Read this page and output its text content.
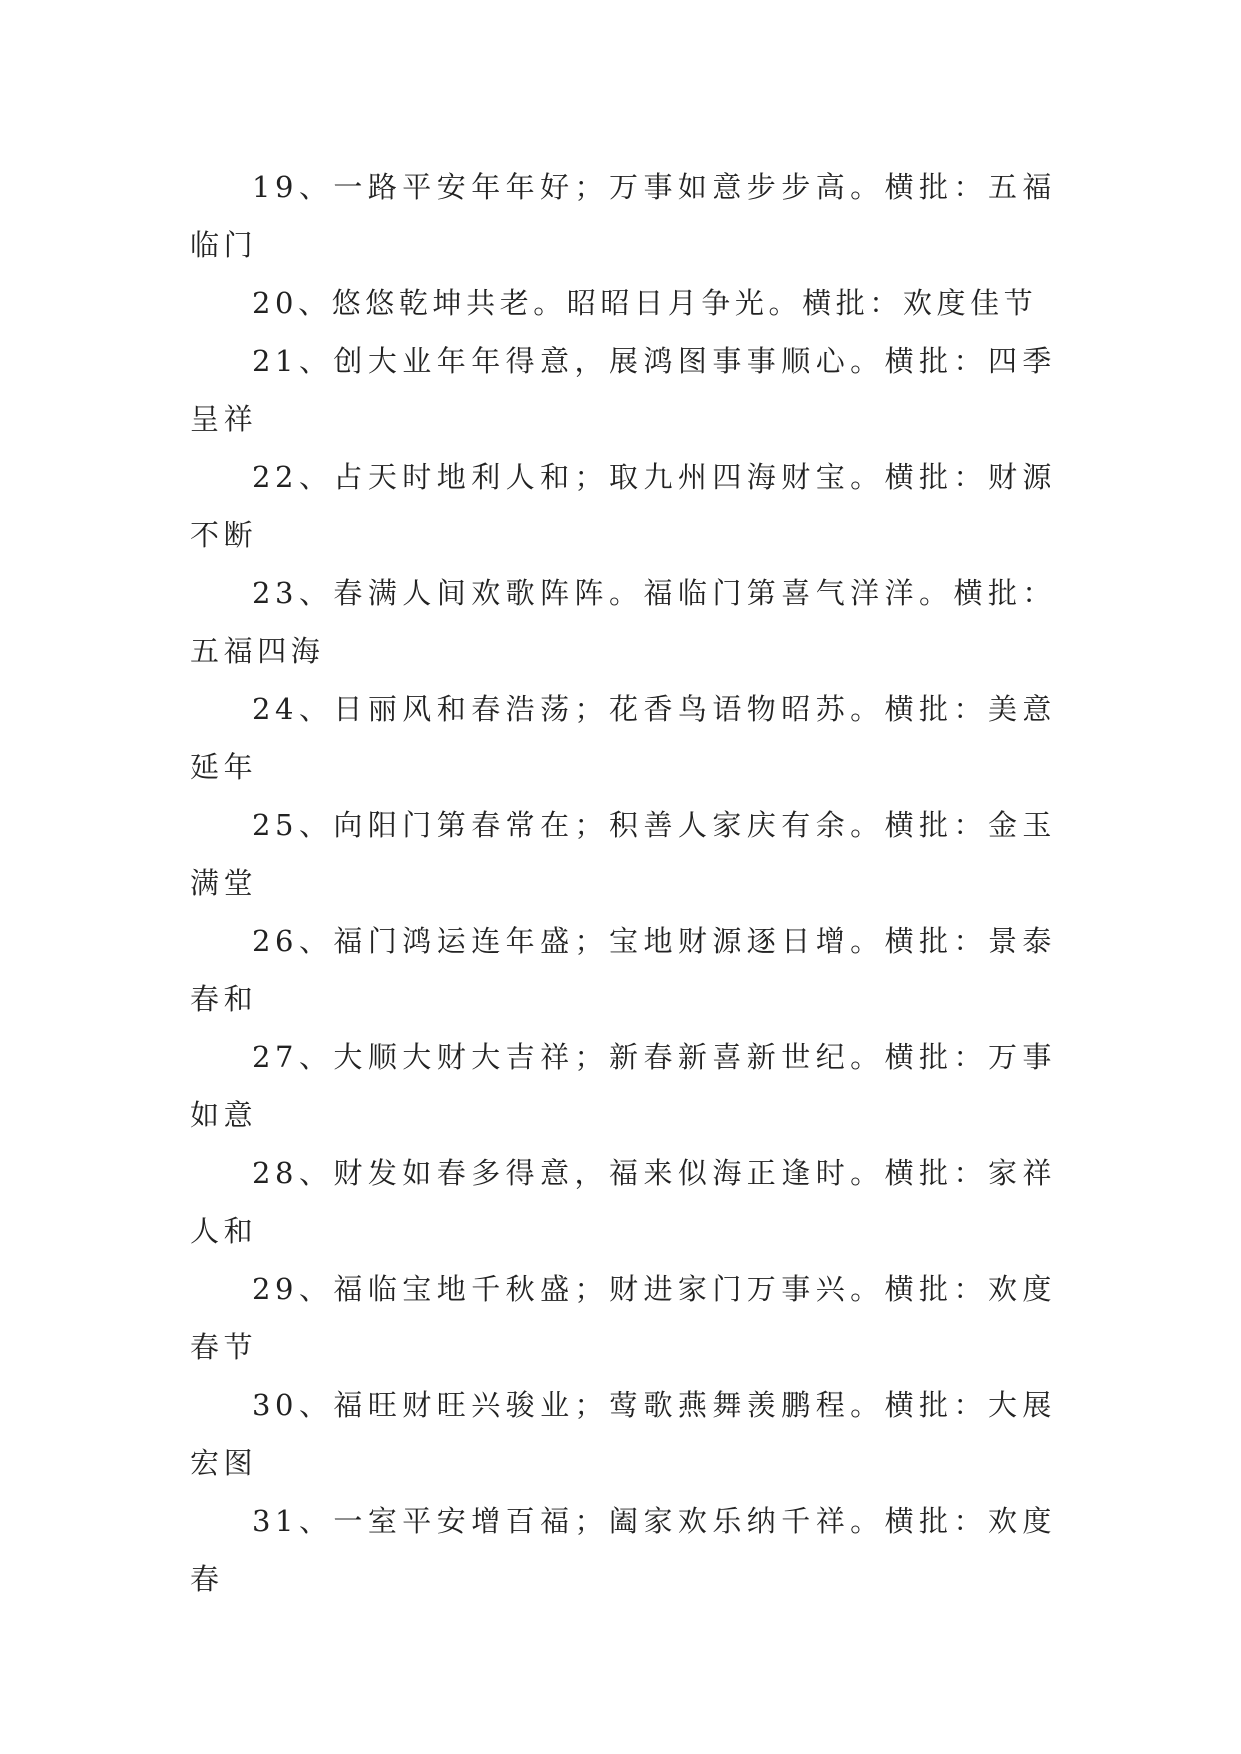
19、一路平安年年好；万事如意步步高。横批：五福临门

20、悠悠乾坤共老。昭昭日月争光。横批：欢度佳节

21、创大业年年得意，展鸿图事事顺心。横批：四季呈祥

22、占天时地利人和；取九州四海财宝。横批：财源不断

23、春满人间欢歌阵阵。福临门第喜气洋洋。横批：五福四海

24、日丽风和春浩荡；花香鸟语物昭苏。横批：美意延年

25、向阳门第春常在；积善人家庆有余。横批：金玉满堂

26、福门鸿运连年盛；宝地财源逐日增。横批：景泰春和

27、大顺大财大吉祥；新春新喜新世纪。横批：万事如意

28、财发如春多得意，福来似海正逢时。横批：家祥人和

29、福临宝地千秋盛；财进家门万事兴。横批：欢度春节

30、福旺财旺兴骏业；莺歌燕舞羡鹏程。横批：大展宏图

31、一室平安增百福；阖家欢乐纳千祥。横批：欢度春
